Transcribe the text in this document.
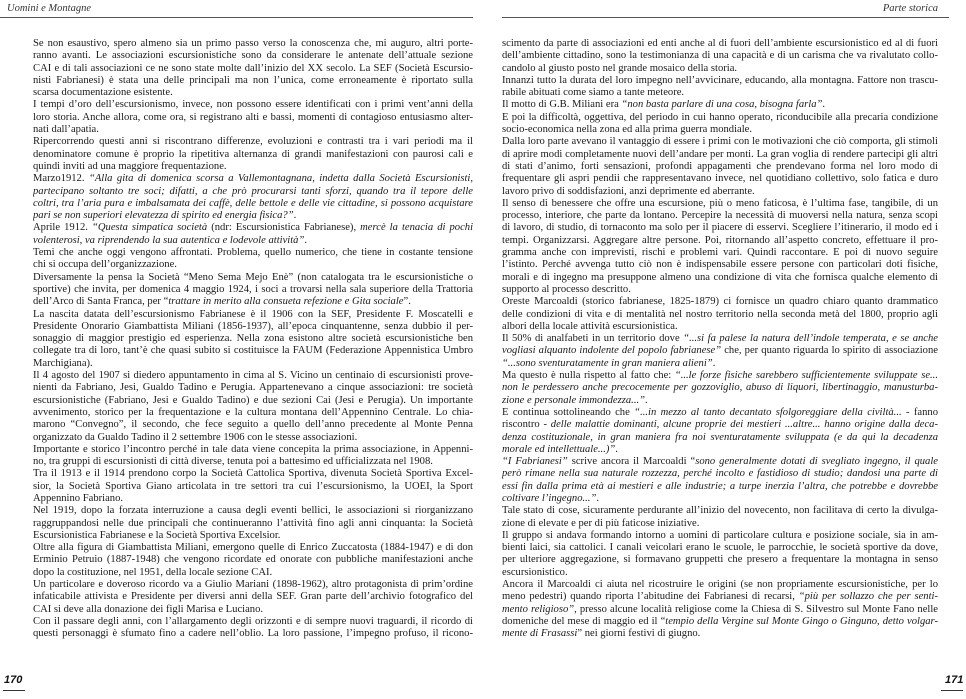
Uomini e Montagne
Se non esaustivo, spero almeno sia un primo passo verso la conoscenza che, mi auguro, altri porte-
ranno avanti. Le associazioni escursionistiche sono da considerare le antenate dell’attuale sezione
CAI e di tali associazioni ce ne sono state molte dall’inizio del XX secolo. La SEF (Società Escursio-
nisti Fabrianesi) è stata una delle principali ma non l’unica, come erroneamente è riportato sulla
scarsa documentazione esistente.
I tempi d’oro dell’escursionismo, invece, non possono essere identificati con i primi vent’anni della
loro storia. Anche allora, come ora, si registrano alti e bassi, momenti di contagioso entusiasmo alter-
nati dall’apatia.
Ripercorrendo questi anni si riscontrano differenze, evoluzioni e contrasti tra i vari periodi ma il
denominatore comune è proprio la ripetitiva alternanza di grandi manifestazioni con paurosi cali e
quindi inviti ad una maggiore frequentazione.
Marzo1912. “Alla gita di domenica scorsa a Vallemontagnana, indetta dalla Società Escursionisti,
partecipano soltanto tre soci; difatti, a che prò procurarsi tanti sforzi, quando tra il tepore delle
coltri, tra l’aria pura e imbalsamata dei caffè, delle bettole e delle vie cittadine, si possono acquistare
pari se non superiori elevatezza di spirito ed energia fisica?”.
Aprile 1912. “Questa simpatica società (ndr: Escursionistica Fabrianese), mercè la tenacia di pochi
volenterosi, va riprendendo la sua autentica e lodevole attività”.
Temi che anche oggi vengono affrontati. Problema, quello numerico, che tiene in costante tensione
chi si occupa dell’organizzazione.
Diversamente la pensa la Società “Meno Sema Mejo Enè” (non catalogata tra le escursionistiche o
sportive) che invita, per domenica 4 maggio 1924, i soci a trovarsi nella sala superiore della Trattoria
dell’Arco di Santa Franca, per “trattare in merito alla consueta refezione e Gita sociale”.
La nascita datata dell’escursionismo Fabrianese è il 1906 con la SEF, Presidente F. Moscatelli e
Presidente Onorario Giambattista Miliani (1856-1937), all’epoca cinquantenne, senza dubbio il per-
sonaggio di maggior prestigio ed esperienza. Nella zona esistono altre società escursionistiche ben
collegate tra di loro, tant’è che quasi subito si costituisce la FAUM (Federazione Appennistica Umbro
Marchigiana).
Il 4 agosto del 1907 si diedero appuntamento in cima al S. Vicino un centinaio di escursionisti prove-
nienti da Fabriano, Jesi, Gualdo Tadino e Perugia. Appartenevano a cinque associazioni: tre società
escursionistiche (Fabriano, Jesi e Gualdo Tadino) e due sezioni Cai (Jesi e Perugia). Un importante
avvenimento, storico per la frequentazione e la cultura montana dell’Appennino Centrale. Lo chia-
marono “Convegno”, il secondo, che fece seguito a quello dell’anno precedente al Monte Penna
organizzato da Gualdo Tadino il 2 settembre 1906 con le stesse associazioni.
Importante e storico l’incontro perché in tale data viene concepita la prima associazione, in Appenni-
no, tra gruppi di escursionisti di città diverse, tenuta poi a battesimo ed ufficializzata nel 1908.
Tra il 1913 e il 1914 prendono corpo la Società Cattolica Sportiva, divenuta Società Sportiva Excel-
sior, la Società Sportiva Giano articolata in tre settori tra cui l’escursionismo, la UOEI, la Sport
Appennino Fabriano.
Nel 1919, dopo la forzata interruzione a causa degli eventi bellici, le associazioni si riorganizzano
raggruppandosi nelle due principali che continueranno l’attività fino agli anni cinquanta: la Società
Escursionistica Fabrianese e la Società Sportiva Excelsior.
Oltre alla figura di Giambattista Miliani, emergono quelle di Enrico Zuccatosta (1884-1947) e di don
Erminio Petruio (1887-1948) che vengono ricordate ed onorate con pubbliche manifestazioni anche
dopo la costituzione, nel 1951, della locale sezione CAI.
Un particolare e doveroso ricordo va a Giulio Mariani (1898-1962), altro protagonista di prim’ordine
infaticabile attivista e Presidente per diversi anni della SEF. Gran parte dell’archivio fotografico del
CAI si deve alla donazione dei figli Marisa e Luciano.
Con il passare degli anni, con l’allargamento degli orizzonti e di sempre nuovi traguardi, il ricordo di
questi personaggi è sfumato fino a cadere nell’oblio. La loro passione, l’impegno profuso, il ricono-
170
Parte storica
scimento da parte di associazioni ed enti anche al di fuori dell’ambiente escursionistico ed al di fuori
dell’ambiente cittadino, sono la testimonianza di una capacità e di un carisma che va rivalutato collo-
candolo al giusto posto nel grande mosaico della storia.
Innanzi tutto la durata del loro impegno nell’avvicinare, educando, alla montagna. Fattore non trascu-
rabile abituati come siamo a tante meteore.
Il motto di G.B. Miliani era “non basta parlare di una cosa, bisogna farla”.
E poi la difficoltà, oggettiva, del periodo in cui hanno operato, riconducibile alla precaria condizione
socio-economica nella zona ed alla prima guerra mondiale.
Dalla loro parte avevano il vantaggio di essere i primi con le motivazioni che ciò comporta, gli stimoli
di aprire modi completamente nuovi dell’andare per monti. La gran voglia di rendere partecipi gli altri
di stati d’animo, forti sensazioni, profondi appagamenti che prendevano forma nel loro modo di
frequentare gli aspri pendii che rappresentavano invece, nel quotidiano collettivo, solo fatica e duro
lavoro privo di soddisfazioni, anzi deprimente ed aberrante.
Il senso di benessere che offre una escursione, più o meno faticosa, è l’ultima fase, tangibile, di un
processo, interiore, che parte da lontano. Percepire la necessità di muoversi nella natura, senza scopi
di lavoro, di studio, di tornaconto ma solo per il piacere di esservi. Scegliere l’itinerario, il modo ed i
tempi. Organizzarsi. Aggregare altre persone. Poi, ritornando all’aspetto concreto, effettuare il pro-
gramma anche con imprevisti, rischi e problemi vari. Quindi raccontare. E poi di nuovo seguire
l’istinto. Perché avvenga tutto ciò non è indispensabile essere persone con particolari doti fisiche,
morali e di ingegno ma presuppone almeno una condizione di vita che fornisca qualche elemento di
supporto al processo descritto.
Oreste Marcoaldi (storico fabrianese, 1825-1879) ci fornisce un quadro chiaro quanto drammatico
delle condizioni di vita e di mentalità nel nostro territorio nella seconda metà del 1800, proprio agli
albori della locale attività escursionistica.
Il 50% di analfabeti in un territorio dove “...si fa palese la natura dell’indole temperata, e se anche
vogliasi alquanto indolente del popolo fabrianese” che, per quanto riguarda lo spirito di associazione
“...sono sventuratamente in gran maniera alieni”.
Ma questo è nulla rispetto al fatto che: “...le forze fisiche sarebbero sufficientemente sviluppate se...
non le perdessero anche precocemente per gozzoviglio, abuso di liquori, libertinaggio, manusturba-
zione e personale immondezza...”.
E continua sottolineando che “...in mezzo al tanto decantato sfolgoreggiare della civiltà... - fanno
riscontro - delle malattie dominanti, alcune proprie dei mestieri ...altre... hanno origine dalla deca-
denza costituzionale, in gran maniera fra noi sventuratamente sviluppata (e da qui la decadenza
morale ed intellettuale...)”.
“I Fabrianesi” scrive ancora il Marcoaldi “sono generalmente dotati di svegliato ingegno, il quale
però rimane nella sua naturale rozzezza, perché incolto e fastidioso di studio; dandosi una parte di
essi fin dalla prima età ai mestieri e alle industrie; a turpe inerzia l’altra, che potrebbe e dovrebbe
coltivare l’ingegno...”.
Tale stato di cose, sicuramente perdurante all’inizio del novecento, non facilitava di certo la divulga-
zione di elevate e per di più faticose iniziative.
Il gruppo si andava formando intorno a uomini di particolare cultura e posizione sociale, sia in am-
bienti laici, sia cattolici. I canali veicolari erano le scuole, le parrocchie, le società sportive da dove,
per ulteriore aggregazione, si formavano gruppetti che presero a frequentare la montagna in senso
escursionistico.
Ancora il Marcoaldi ci aiuta nel ricostruire le origini (se non propriamente escursionistiche, per lo
meno pedestri) quando riporta l’abitudine dei Fabrianesi di recarsi, “più per sollazzo che per senti-
mento religioso”, presso alcune località religiose come la Chiesa di S. Silvestro sul Monte Fano nelle
domeniche del mese di maggio ed il “tempio della Vergine sul Monte Gingo o Ginguno, detto volgar-
mente di Frasassi” nei giorni festivi di giugno.
171
